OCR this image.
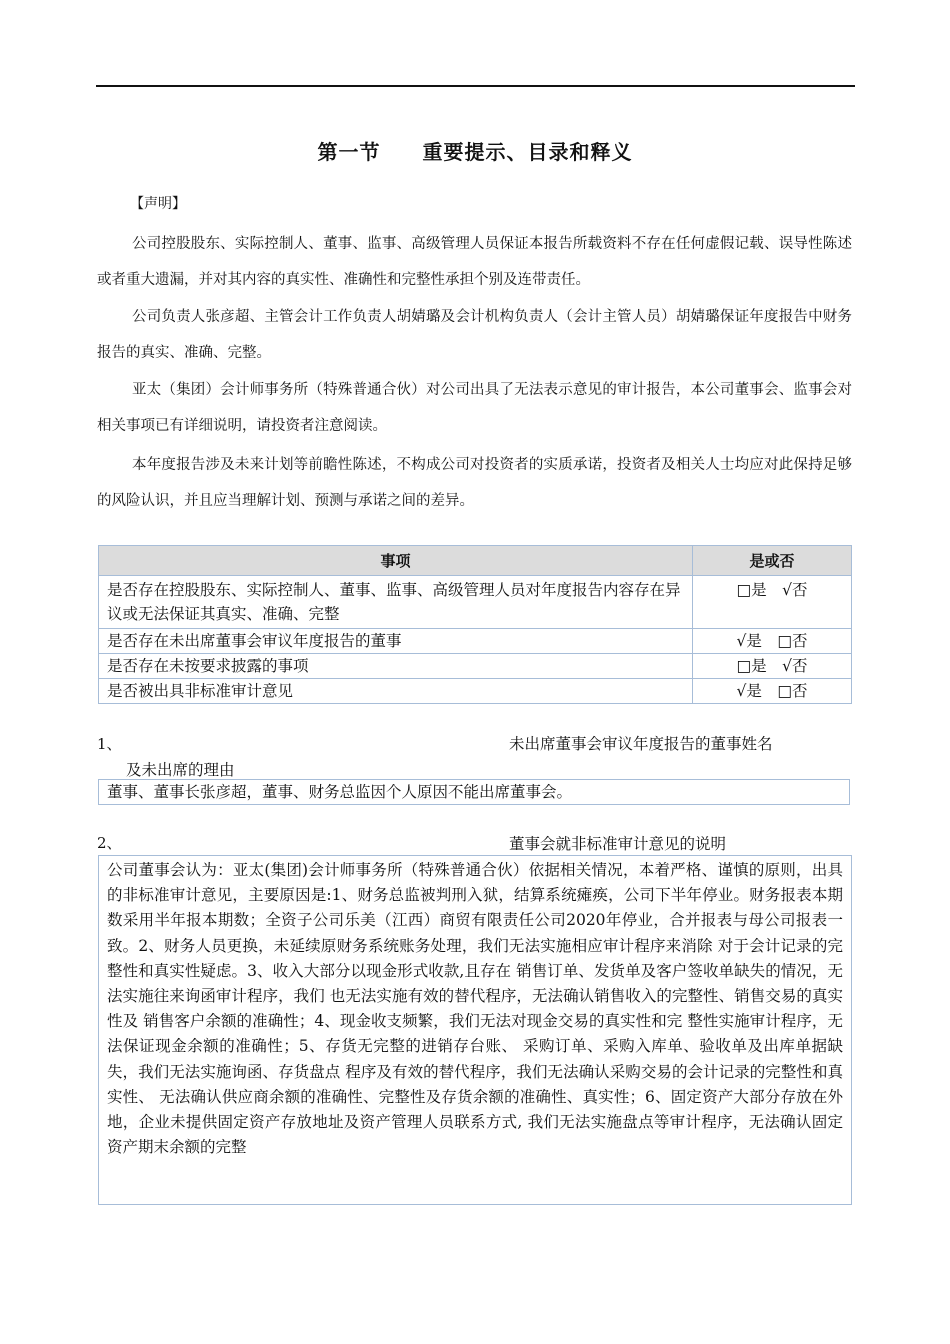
第一节　　重要提示、目录和释义
【声明】

公司控股股东、实际控制人、董事、监事、高级管理人员保证本报告所载资料不存在任何虚假记载、误导性陈述或者重大遗漏，并对其内容的真实性、准确性和完整性承担个别及连带责任。

公司负责人张彦超、主管会计工作负责人胡婧璐及会计机构负责人（会计主管人员）胡婧璐保证年度报告中财务报告的真实、准确、完整。

亚太（集团）会计师事务所（特殊普通合伙）对公司出具了无法表示意见的审计报告，本公司董事会、监事会对相关事项已有详细说明，请投资者注意阅读。

本年度报告涉及未来计划等前瞻性陈述，不构成公司对投资者的实质承诺，投资者及相关人士均应对此保持足够的风险认识，并且应当理解计划、预测与承诺之间的差异。

事项	是或否
是否存在控股股东、实际控制人、董事、监事、高级管理人员对年度报告内容存在异议或无法保证其真实、准确、完整	□是　√否
是否存在未出席董事会审议年度报告的董事	√是　□否
是否存在未按要求披露的事项	□是　√否
是否被出具非标准审计意见	√是　□否
1、	未出席董事会审议年度报告的董事姓名
及未出席的理由
董事、董事长张彦超，董事、财务总监因个人原因不能出席董事会。
2、	董事会就非标准审计意见的说明
公司董事会认为：亚太(集团)会计师事务所（特殊普通合伙）依据相关情况，本着严格、谨慎的原则，出具的非标准审计意见，主要原因是:1、财务总监被判刑入狱，结算系统瘫痪，公司下半年停业。财务报表本期数采用半年报本期数；全资子公司乐美（江西）商贸有限责任公司2020年停业，合并报表与母公司报表一致。2、财务人员更换，未延续原财务系统账务处理，我们无法实施相应审计程序来消除 对于会计记录的完整性和真实性疑虑。3、收入大部分以现金形式收款,且存在 销售订单、发货单及客户签收单缺失的情况，无法实施往来询函审计程序，我们 也无法实施有效的替代程序，无法确认销售收入的完整性、销售交易的真实性及 销售客户余额的准确性；4、现金收支频繁，我们无法对现金交易的真实性和完 整性实施审计程序，无法保证现金余额的准确性；5、存货无完整的进销存台账、 采购订单、采购入库单、验收单及出库单据缺失，我们无法实施询函、存货盘点 程序及有效的替代程序，我们无法确认采购交易的会计记录的完整性和真实性、 无法确认供应商余额的准确性、完整性及存货余额的准确性、真实性；6、固定资产大部分存放在外地，企业未提供固定资产存放地址及资产管理人员联系方式, 我们无法实施盘点等审计程序，无法确认固定资产期末余额的完整
